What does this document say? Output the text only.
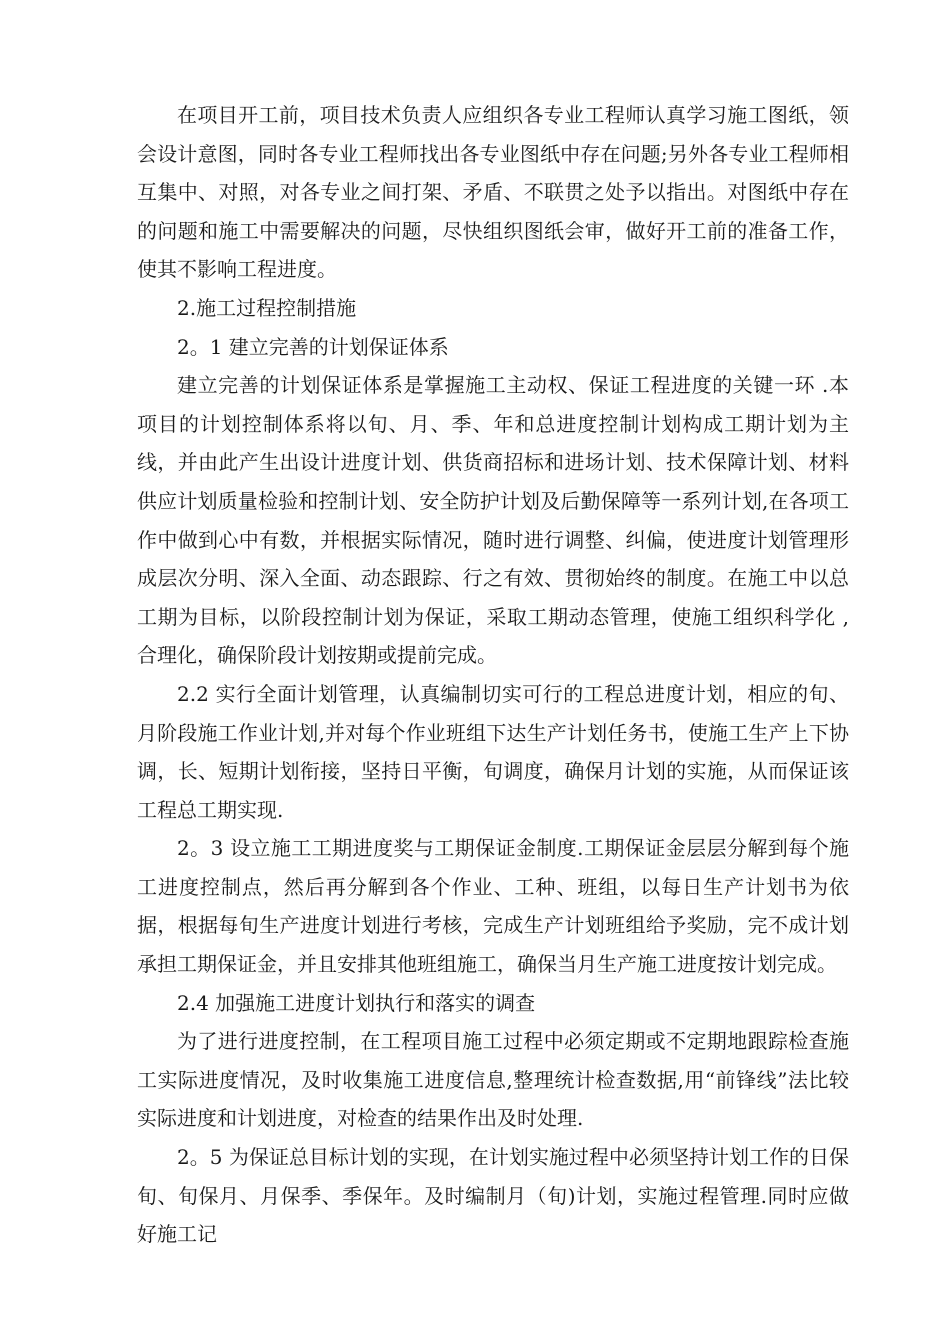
在项目开工前，项目技术负责人应组织各专业工程师认真学习施工图纸，领会设计意图，同时各专业工程师找出各专业图纸中存在问题;另外各专业工程师相互集中、对照，对各专业之间打架、矛盾、不联贯之处予以指出。对图纸中存在的问题和施工中需要解决的问题，尽快组织图纸会审，做好开工前的准备工作，使其不影响工程进度。

2.施工过程控制措施

2。1 建立完善的计划保证体系

建立完善的计划保证体系是掌握施工主动权、保证工程进度的关键一环 .本项目的计划控制体系将以旬、月、季、年和总进度控制计划构成工期计划为主线，并由此产生出设计进度计划、供货商招标和进场计划、技术保障计划、材料供应计划质量检验和控制计划、安全防护计划及后勤保障等一系列计划,在各项工作中做到心中有数，并根据实际情况，随时进行调整、纠偏，使进度计划管理形成层次分明、深入全面、动态跟踪、行之有效、贯彻始终的制度。在施工中以总工期为目标，以阶段控制计划为保证，采取工期动态管理，使施工组织科学化 ,合理化，确保阶段计划按期或提前完成。

2.2 实行全面计划管理，认真编制切实可行的工程总进度计划，相应的旬、月阶段施工作业计划,并对每个作业班组下达生产计划任务书，使施工生产上下协调，长、短期计划衔接，坚持日平衡，旬调度，确保月计划的实施，从而保证该工程总工期实现.

2。3 设立施工工期进度奖与工期保证金制度.工期保证金层层分解到每个施工进度控制点，然后再分解到各个作业、工种、班组，以每日生产计划书为依据，根据每旬生产进度计划进行考核，完成生产计划班组给予奖励，完不成计划承担工期保证金，并且安排其他班组施工，确保当月生产施工进度按计划完成。

2.4 加强施工进度计划执行和落实的调查

为了进行进度控制，在工程项目施工过程中必须定期或不定期地跟踪检查施工实际进度情况，及时收集施工进度信息,整理统计检查数据,用“前锋线”法比较实际进度和计划进度，对检查的结果作出及时处理.

2。5 为保证总目标计划的实现，在计划实施过程中必须坚持计划工作的日保旬、旬保月、月保季、季保年。及时编制月（旬)计划，实施过程管理.同时应做好施工记
